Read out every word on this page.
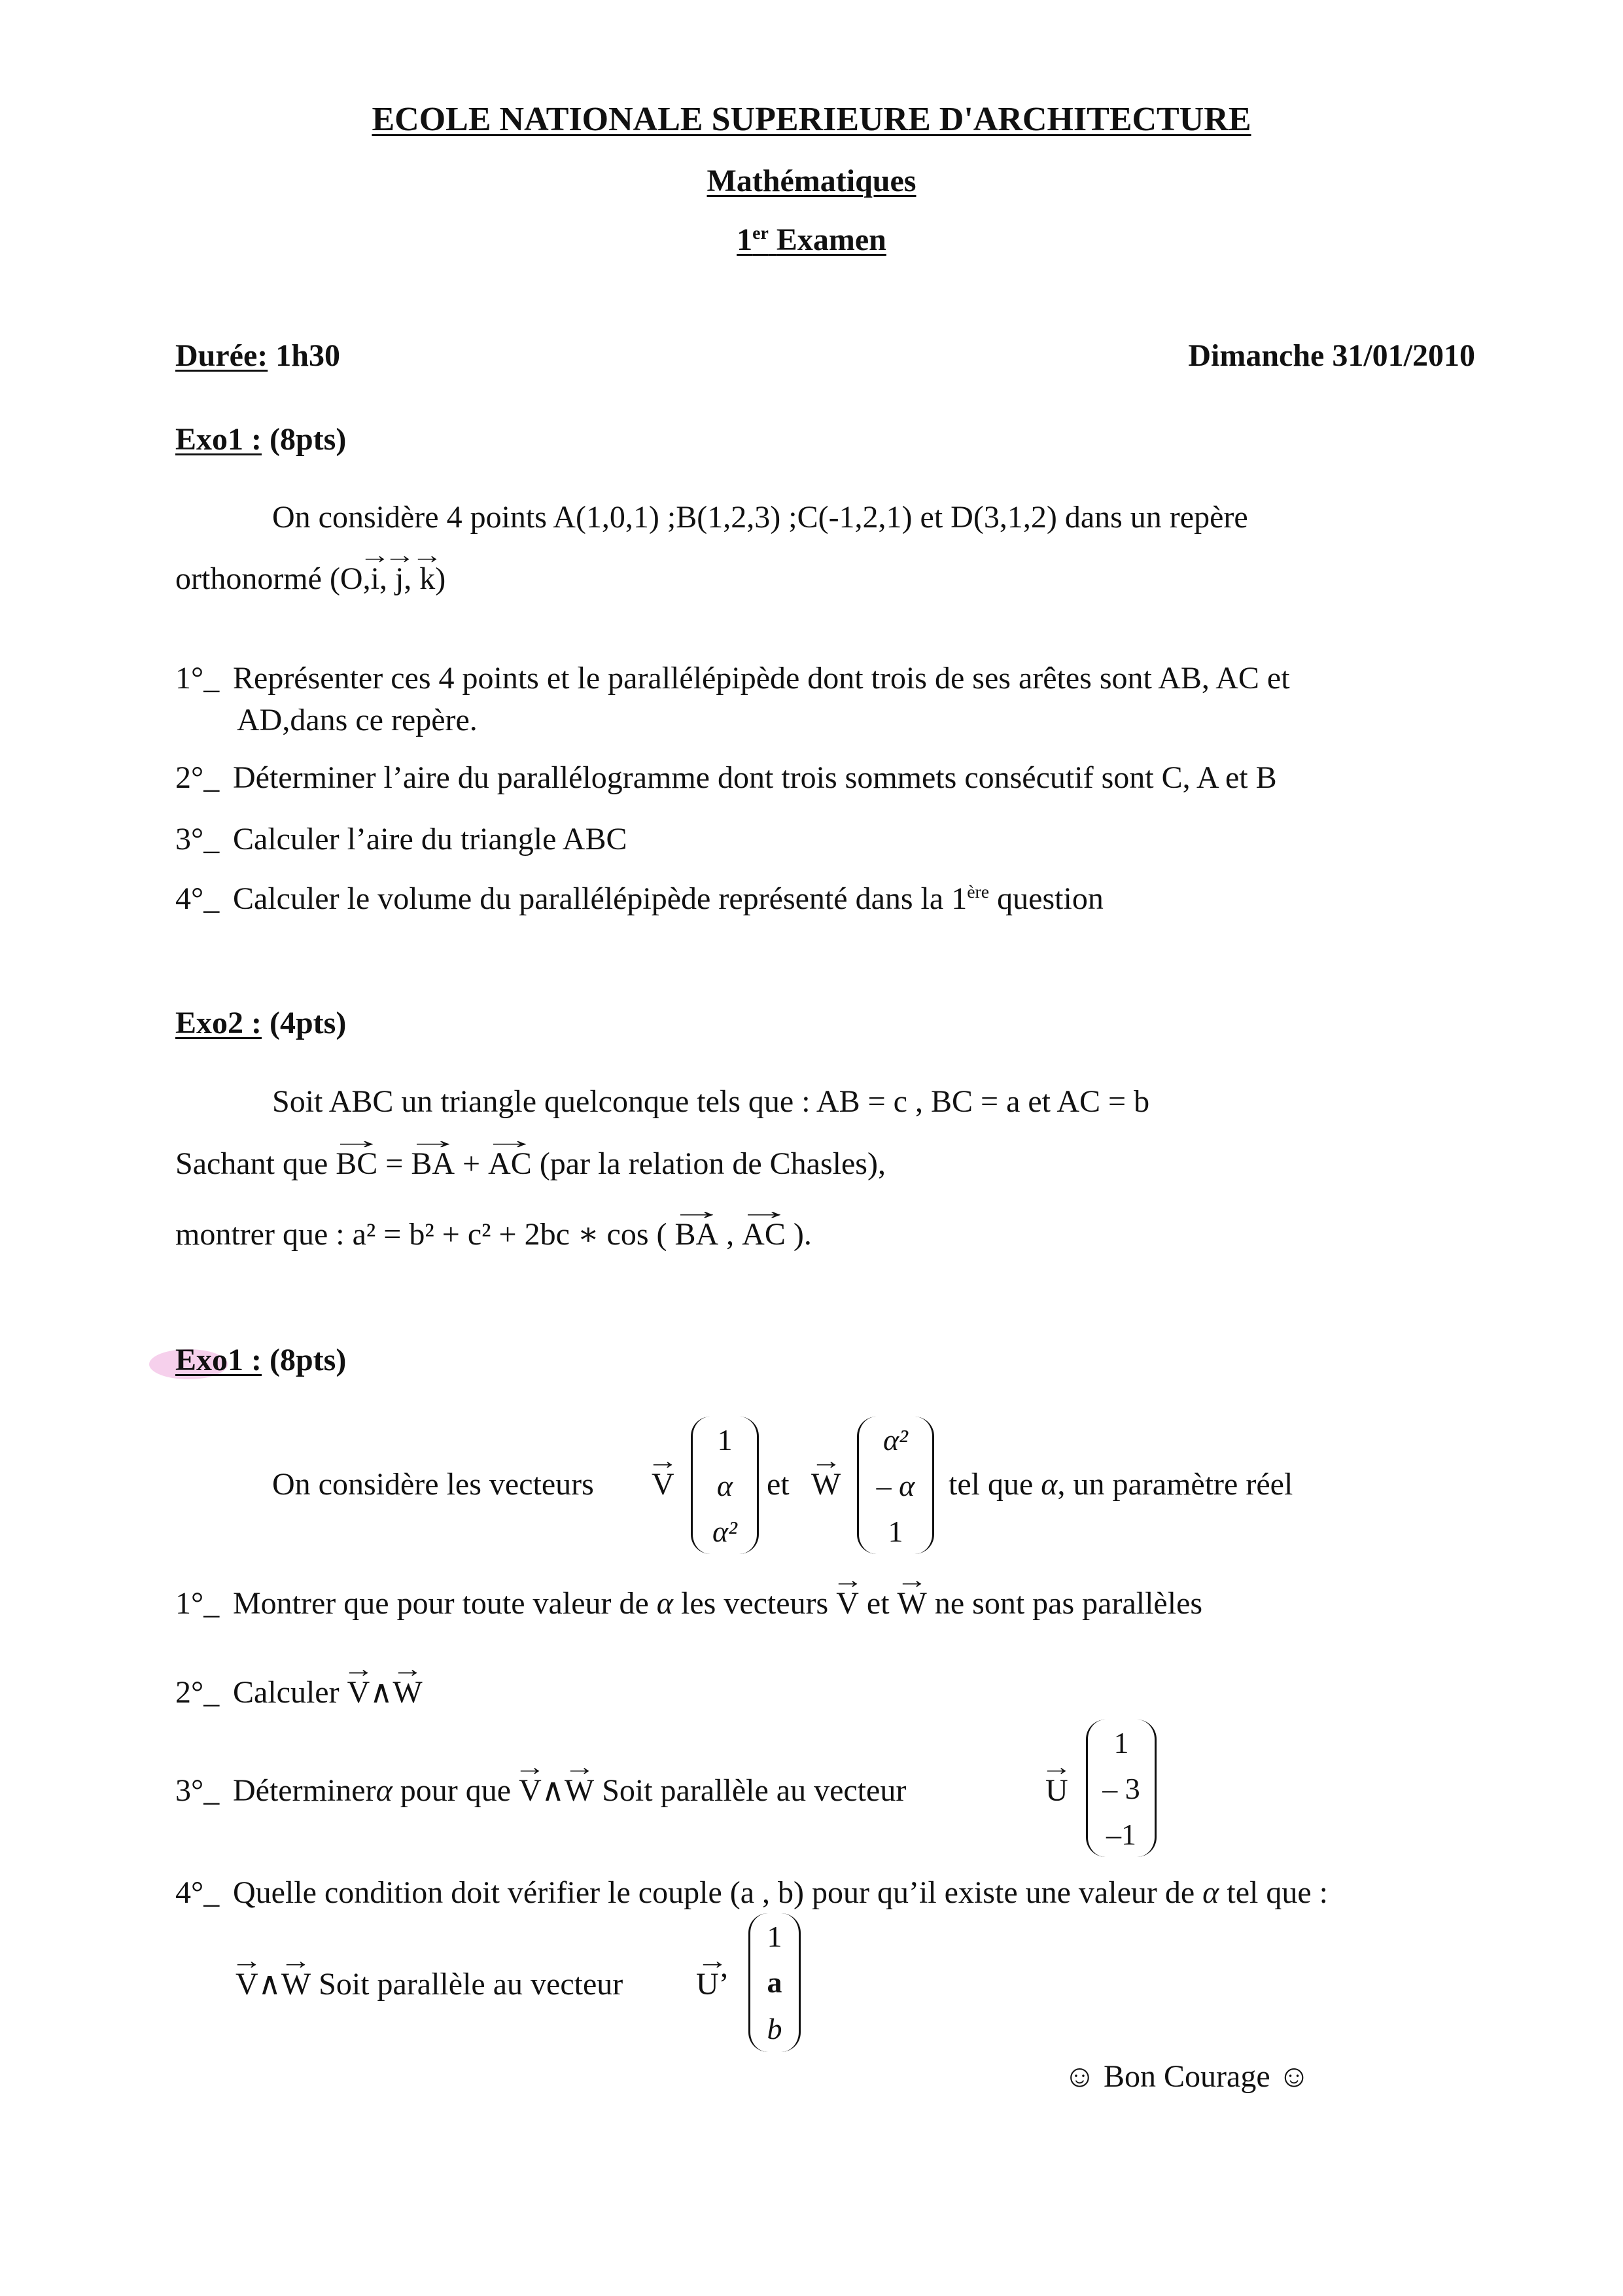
ECOLE NATIONALE SUPERIEURE D'ARCHITECTURE
Mathématiques
1er Examen
Durée: 1h30	Dimanche 31/01/2010
Exo1 : (8pts)
On considère 4 points A(1,0,1) ;B(1,2,3) ;C(-1,2,1) et D(3,1,2) dans un repère
orthonormé (O,→ i, → j, → k)
1°_ Représenter ces 4 points et le parallélépipède dont trois de ses arêtes sont AB, AC et
AD,dans ce repère.
2°_ Déterminer l’aire du parallélogramme dont trois sommets consécutif sont C, A et B
3°_ Calculer l’aire du triangle ABC
4°_ Calculer le volume du parallélépipède représenté dans la 1ère question
Exo2 : (4pts)
Soit ABC un triangle quelconque tels que : AB = c , BC = a et AC = b
Sachant que → BC = → BA + → AC (par la relation de Chasles),
montrer que : a² = b² + c² + 2bc ∗ cos ( → BA , → AC ).
Exo1 : (8pts)
On considère les vecteurs → V
1
α
α²
et → W
α²
– α
1
tel que α, un paramètre réel
1°_ Montrer que pour toute valeur de α les vecteurs → V et → W ne sont pas parallèles
2°_ Calculer → V∧→ W
3°_ Déterminerα pour que → V∧→ W Soit parallèle au vecteur	→ U
1
– 3
–1
4°_ Quelle condition doit vérifier le couple (a , b) pour qu’il existe une valeur de α tel que :
→ V∧→ W Soit parallèle au vecteur → U’
1
a
b
☺ Bon Courage ☺
